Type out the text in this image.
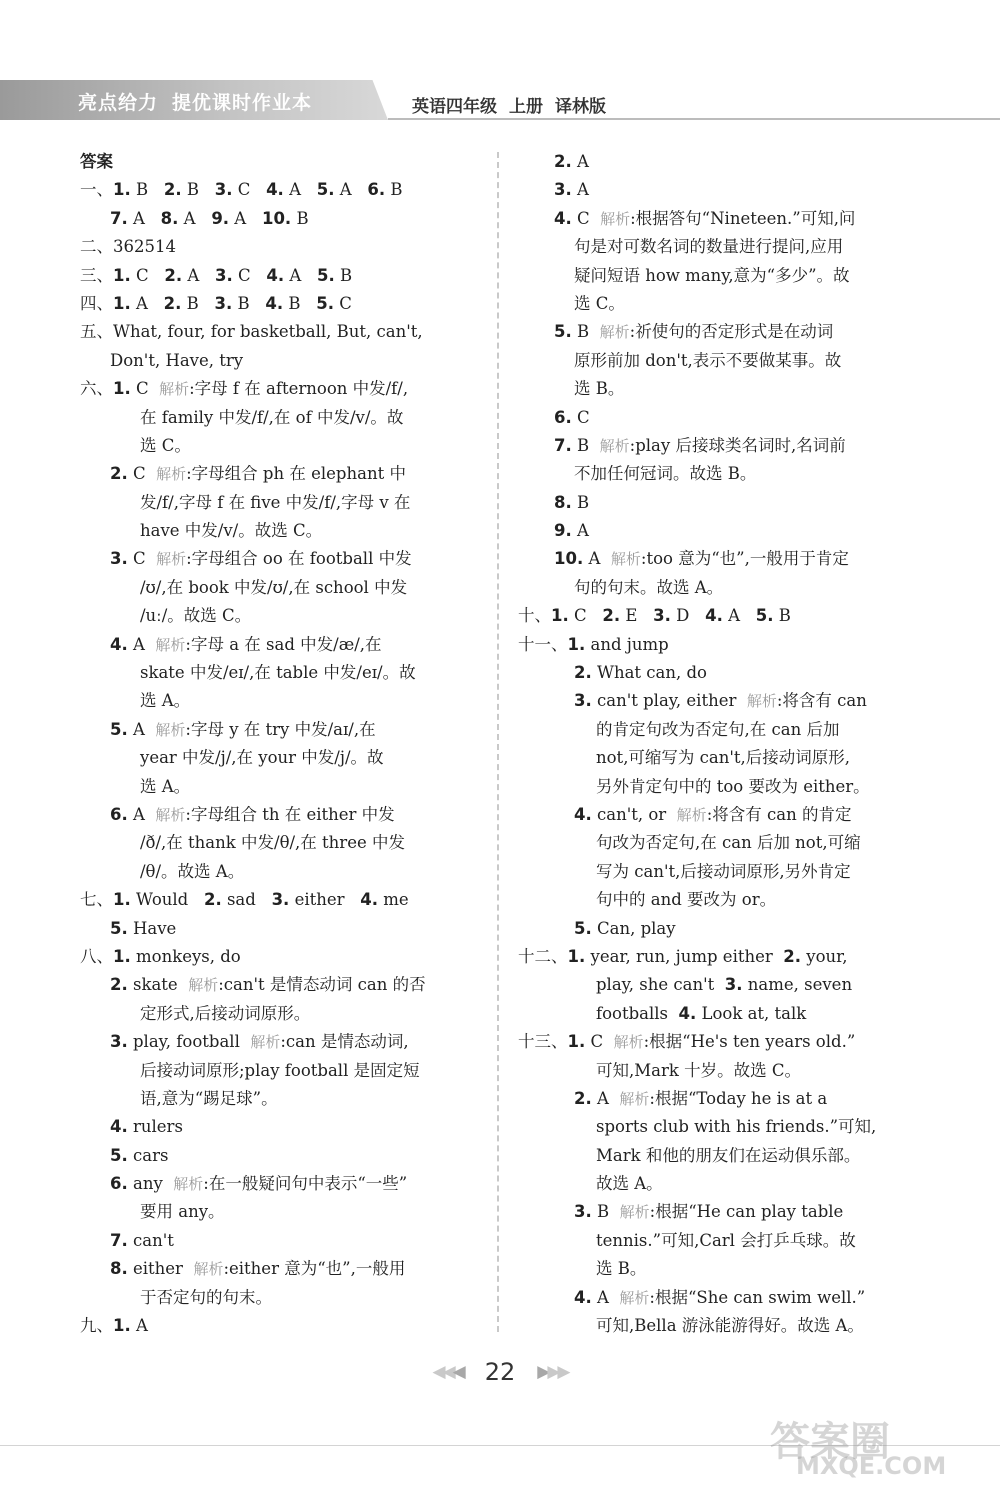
亮点给力 提优课时作业本	英语四年级 上册 译林版
答案
一、1. B   2. B   3. C   4. A   5. A   6. B
7. A   8. A   9. A   10. B
二、362514
三、1. C   2. A   3. C   4. A   5. B
四、1. A   2. B   3. B   4. B   5. C
五、What, four, for basketball, But, can't,
Don't, Have, try
六、1. C  解析:字母 f 在 afternoon 中发/f/,
在 family 中发/f/,在 of 中发/v/。故
选 C。
2. C  解析:字母组合 ph 在 elephant 中
发/f/,字母 f 在 five 中发/f/,字母 v 在
have 中发/v/。故选 C。
3. C  解析:字母组合 oo 在 football 中发
/ʊ/,在 book 中发/ʊ/,在 school 中发
/uː/。故选 C。
4. A  解析:字母 a 在 sad 中发/æ/,在
skate 中发/eɪ/,在 table 中发/eɪ/。故
选 A。
5. A  解析:字母 y 在 try 中发/aɪ/,在
year 中发/j/,在 your 中发/j/。故
选 A。
6. A  解析:字母组合 th 在 either 中发
/ð/,在 thank 中发/θ/,在 three 中发
/θ/。故选 A。
七、1. Would   2. sad   3. either   4. me
5. Have
八、1. monkeys, do
2. skate  解析:can't 是情态动词 can 的否
定形式,后接动词原形。
3. play, football  解析:can 是情态动词,
后接动词原形;play football 是固定短
语,意为“踢足球”。
4. rulers
5. cars
6. any  解析:在一般疑问句中表示“一些”
要用 any。
7. can't
8. either  解析:either 意为“也”,一般用
于否定句的句末。
九、1. A
2. A
3. A
4. C  解析:根据答句“Nineteen.”可知,问
句是对可数名词的数量进行提问,应用
疑问短语 how many,意为“多少”。故
选 C。
5. B  解析:祈使句的否定形式是在动词
原形前加 don't,表示不要做某事。故
选 B。
6. C
7. B  解析:play 后接球类名词时,名词前
不加任何冠词。故选 B。
8. B
9. A
10. A  解析:too 意为“也”,一般用于肯定
句的句末。故选 A。
十、1. C   2. E   3. D   4. A   5. B
十一、1. and jump
2. What can, do
3. can't play, either  解析:将含有 can
的肯定句改为否定句,在 can 后加
not,可缩写为 can't,后接动词原形,
另外肯定句中的 too 要改为 either。
4. can't, or  解析:将含有 can 的肯定
句改为否定句,在 can 后加 not,可缩
写为 can't,后接动词原形,另外肯定
句中的 and 要改为 or。
5. Can, play
十二、1. year, run, jump either  2. your,
play, she can't  3. name, seven
footballs  4. Look at, talk
十三、1. C  解析:根据“He's ten years old.”
可知,Mark 十岁。故选 C。
2. A  解析:根据“Today he is at a
sports club with his friends.”可知,
Mark 和他的朋友们在运动俱乐部。
故选 A。
3. B  解析:根据“He can play table
tennis.”可知,Carl 会打乒乓球。故
选 B。
4. A  解析:根据“She can swim well.”
可知,Bella 游泳能游得好。故选 A。
◀◀◀ 22 ▶▶▶
答案圈
MXQE.COM
